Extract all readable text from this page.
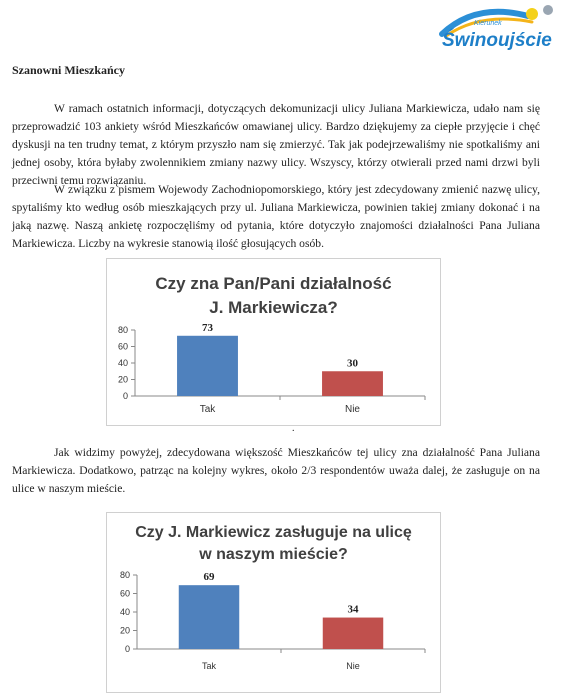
Kierunek
Świnoujście

Szanowni Mieszkańcy

W ramach ostatnich informacji, dotyczących dekomunizacji ulicy Juliana Markiewicza, udało nam się przeprowadzić 103 ankiety wśród Mieszkańców omawianej ulicy. Bardzo dziękujemy za ciepłe przyjęcie i chęć dyskusji na ten trudny temat, z którym przyszło nam się zmierzyć. Tak jak podejrzewaliśmy nie spotkaliśmy ani jednej osoby, która byłaby zwolennikiem zmiany nazwy ulicy. Wszyscy, którzy otwierali przed nami drzwi byli przeciwni temu rozwiązaniu.

W związku z pismem Wojewody Zachodniopomorskiego, który jest zdecydowany zmienić nazwę ulicy, spytaliśmy kto według osób mieszkających przy ul. Juliana Markiewicza, powinien takiej zmiany dokonać i na jaką nazwę. Naszą ankietę rozpoczęliśmy od pytania, które dotyczyło znajomości działalności Pana Juliana Markiewicza. Liczby na wykresie stanowią ilość głosujących osób.

Czy zna Pan/Pani działalność
J. Markiewicza?
0
20
40
60
80	73
Tak
30
Nie
.

Jak widzimy powyżej, zdecydowana większość Mieszkańców tej ulicy zna działalność Pana Juliana Markiewicza. Dodatkowo, patrząc na kolejny wykres, około 2/3 respondentów uważa dalej, że zasługuje on na ulice w naszym mieście.

Czy J. Markiewicz zasługuje na ulicę
w naszym mieście?
0
20
40
60
80	69
Tak
34
Nie
